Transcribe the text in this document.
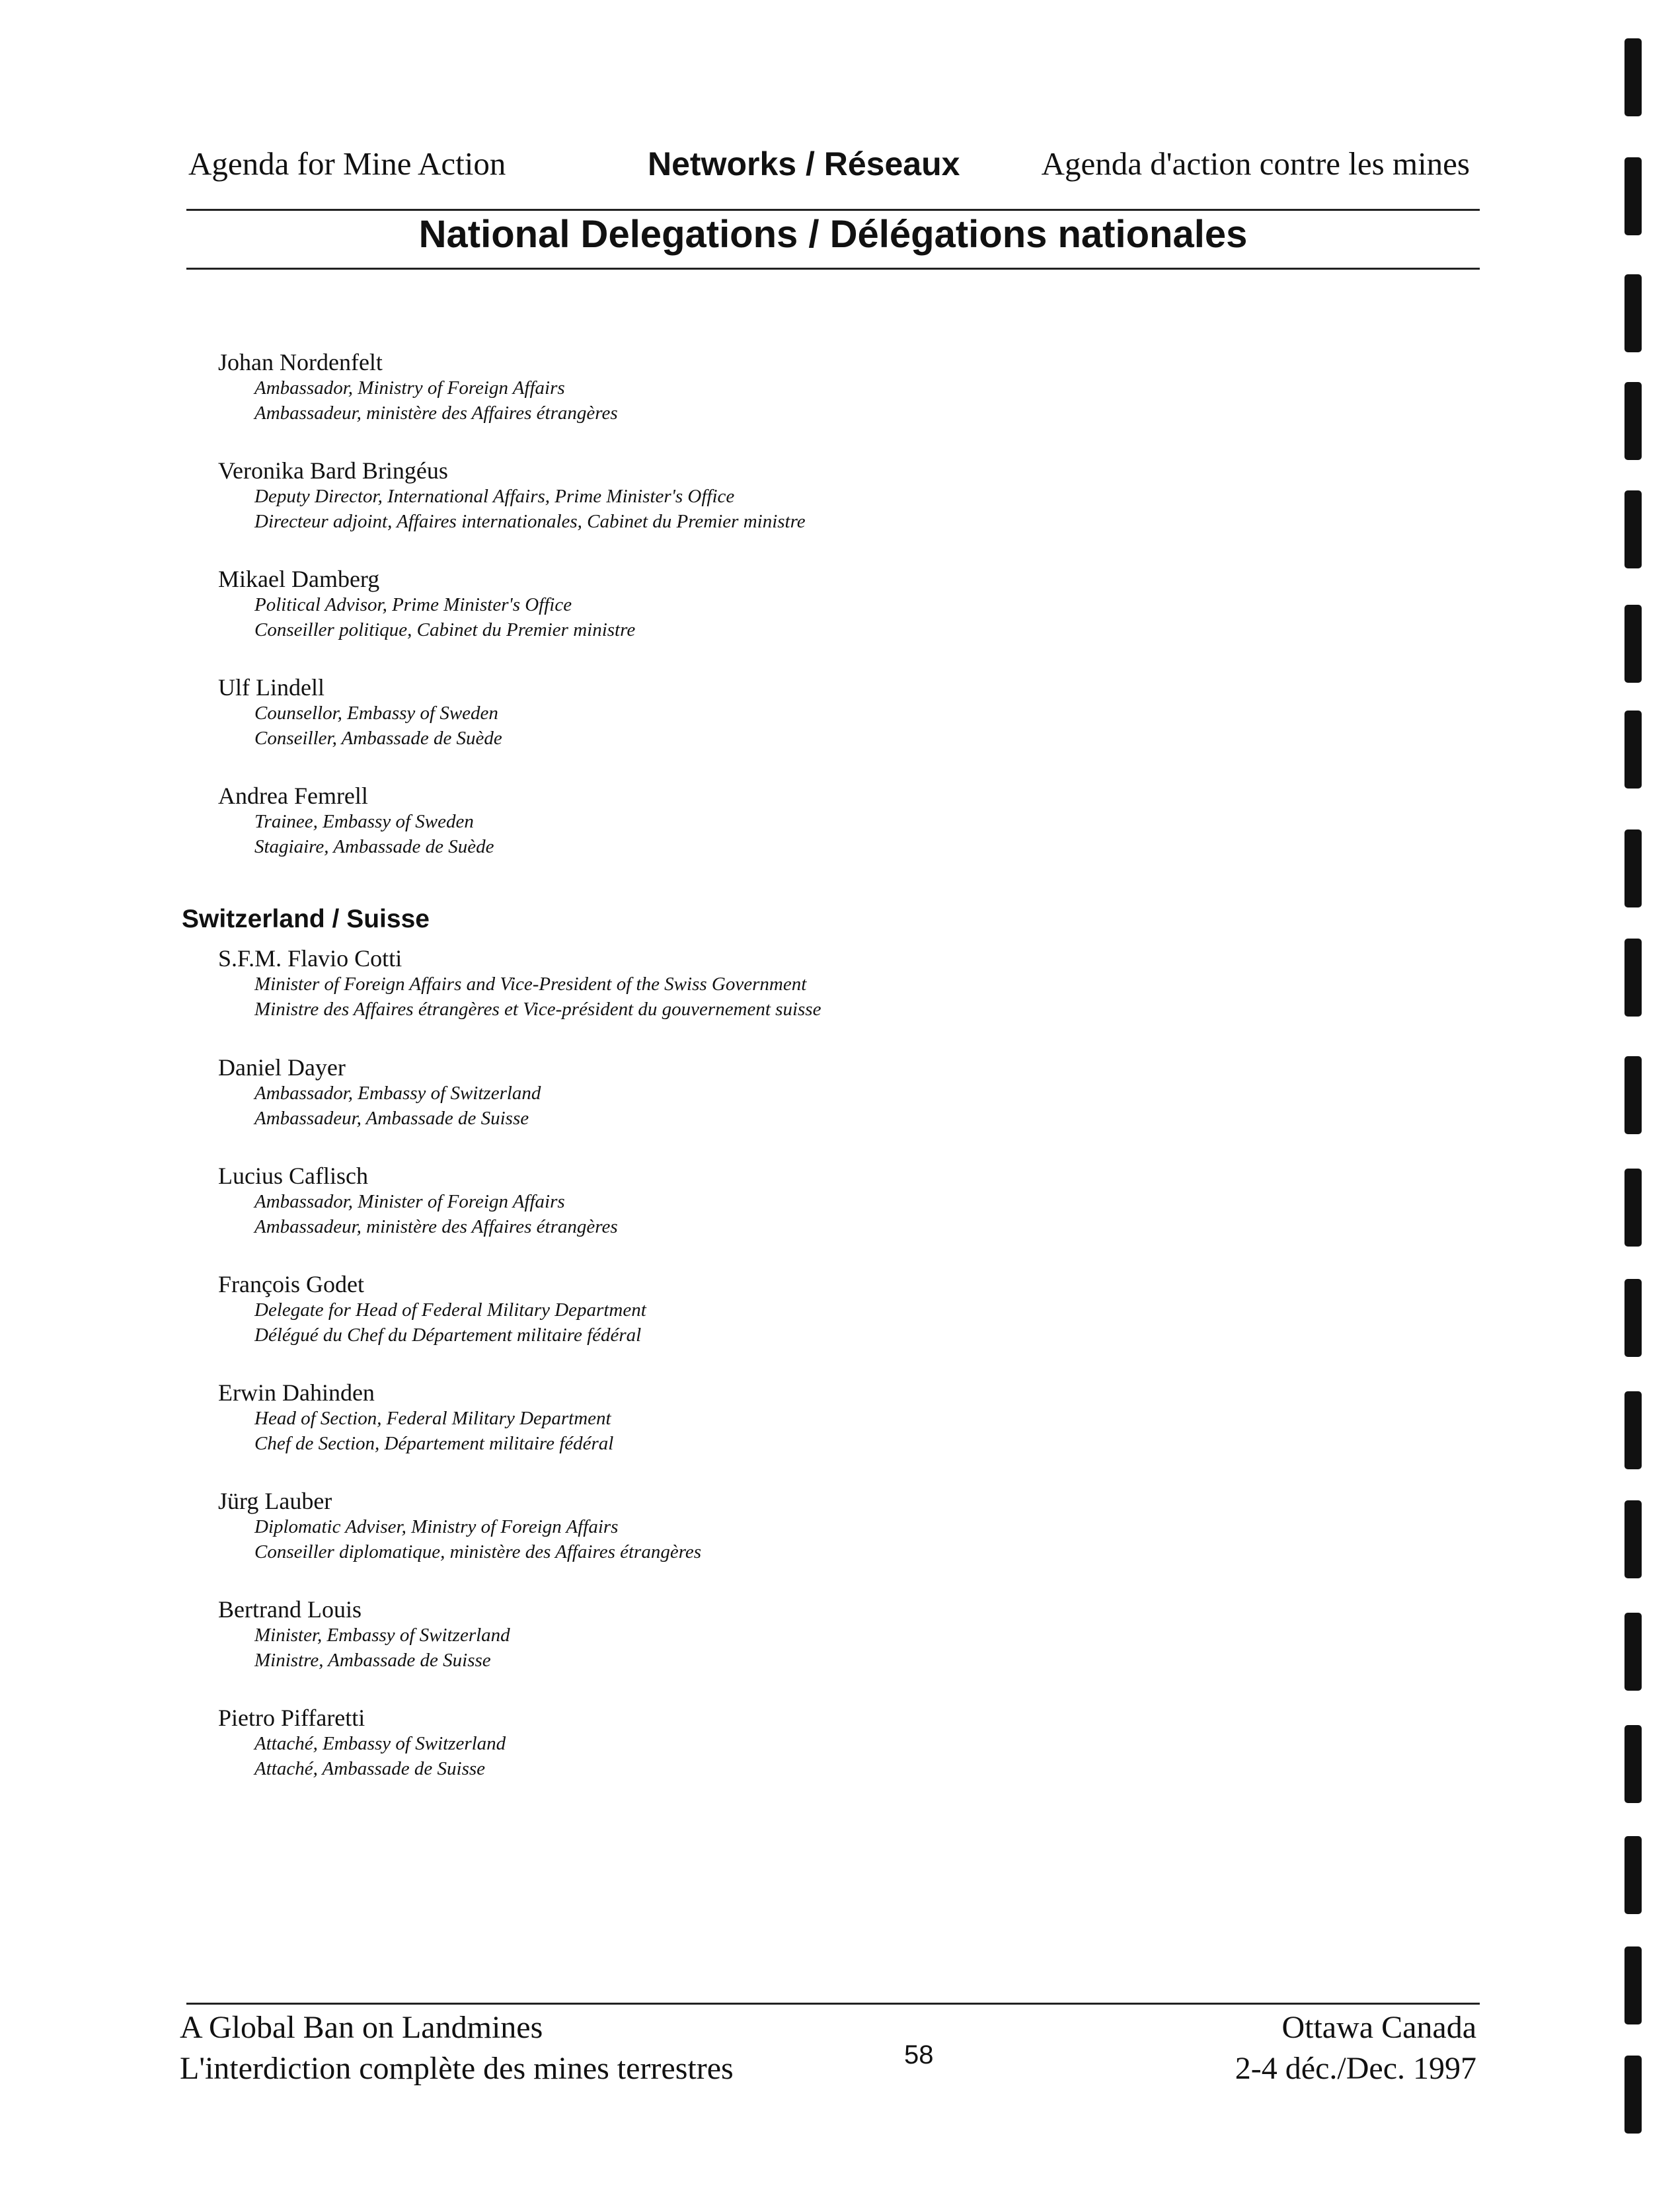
Agenda for Mine Action	Networks / Réseaux	Agenda d'action contre les mines
National Delegations / Délégations nationales
Johan Nordenfelt
Ambassador, Ministry of Foreign Affairs
Ambassadeur, ministère des Affaires étrangères
Veronika Bard Bringéus
Deputy Director, International Affairs, Prime Minister's Office
Directeur adjoint, Affaires internationales, Cabinet du Premier ministre
Mikael Damberg
Political Advisor, Prime Minister's Office
Conseiller politique, Cabinet du Premier ministre
Ulf Lindell
Counsellor, Embassy of Sweden
Conseiller, Ambassade de Suède
Andrea Femrell
Trainee, Embassy of Sweden
Stagiaire, Ambassade de Suède
Switzerland / Suisse
S.F.M. Flavio Cotti
Minister of Foreign Affairs and Vice-President of the Swiss Government
Ministre des Affaires étrangères et Vice-président du gouvernement suisse
Daniel Dayer
Ambassador, Embassy of Switzerland
Ambassadeur, Ambassade de Suisse
Lucius Caflisch
Ambassador, Minister of Foreign Affairs
Ambassadeur, ministère des Affaires étrangères
François Godet
Delegate for Head of Federal Military Department
Délégué du Chef du Département militaire fédéral
Erwin Dahinden
Head of Section, Federal Military Department
Chef de Section, Département militaire fédéral
Jürg Lauber
Diplomatic Adviser, Ministry of Foreign Affairs
Conseiller diplomatique, ministère des Affaires étrangères
Bertrand Louis
Minister, Embassy of Switzerland
Ministre, Ambassade de Suisse
Pietro Piffaretti
Attaché, Embassy of Switzerland
Attaché, Ambassade de Suisse
A Global Ban on Landmines
L'interdiction complète des mines terrestres	58
Ottawa Canada
2-4 déc./Dec. 1997
